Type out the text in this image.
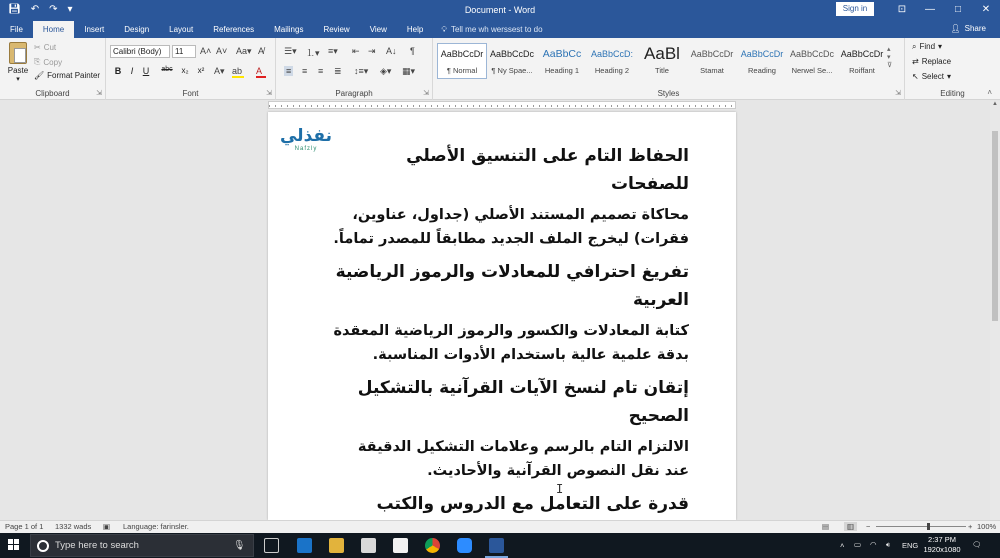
💾︎ ↶ ↷ ▾	Document - Word	Sign in	⊡	—	□	✕
File	Home	Insert	Design	Layout	References	Mailings	Review	View	Help	💡︎ Tell me wh werssest to do	👤︎ Share
Paste
▾
✂ Cut
⎘ Copy
🖌︎ Format Painter
Clipboard	⇲
Calibri (Body)	11	A˄ A˅ Aa▾ A̸
B	I	U	abc	x₂	x²	A▾ ab A
Font	⇲
☰▾ ⒈▾ ≡▾ ⇤ ⇥ A↓ ¶
≡ ≡ ≡ ≣ ↕≡▾ ◈▾ ▦▾
Paragraph	⇲	Styles	⇲
AaBbCcDr
¶ Normal
AaBbCcDc
¶ Ny Spae...
AaBbCc
Heading 1
AaBbCcD:
Heading 2
AaBl
Title
AaBbCcDr
Stamat
AaBbCcDr
Reading
AaBbCcDc
Nerwel Se...
AaBbCcDr
Roiffant
▴
▾
⊽
Editing
⌕ Find ▾
⇄ Replace
↖ Select ▾
˄
نفذلي
Nafzly	الحفاظ التام على التنسيق الأصلي للصفحات
محاكاة تصميم المستند الأصلي (جداول، عناوين، فقرات) ليخرج الملف الجديد مطابقاً للمصدر تماماً.
تفريغ احترافي للمعادلات والرموز الرياضية العربية
كتابة المعادلات والكسور والرموز الرياضية المعقدة بدقة علمية عالية باستخدام الأدوات المناسبة.
إتقان تام لنسخ الآيات القرآنية بالتشكيل الصحيح
الالتزام التام بالرسم وعلامات التشكيل الدقيقة عند نقل النصوص القرآنية والأحاديث.
قدرة على التعامل مع الدروس والكتب
I
▲
Page 1 of 1 1332 wads ▣ Language: farinsler.	▤	▥	−	+ 100%
Type here to search	🎙︎	˄ ▭ ◠ 🔉︎ ENG
2:37 PM
1920x1080
🗨︎
